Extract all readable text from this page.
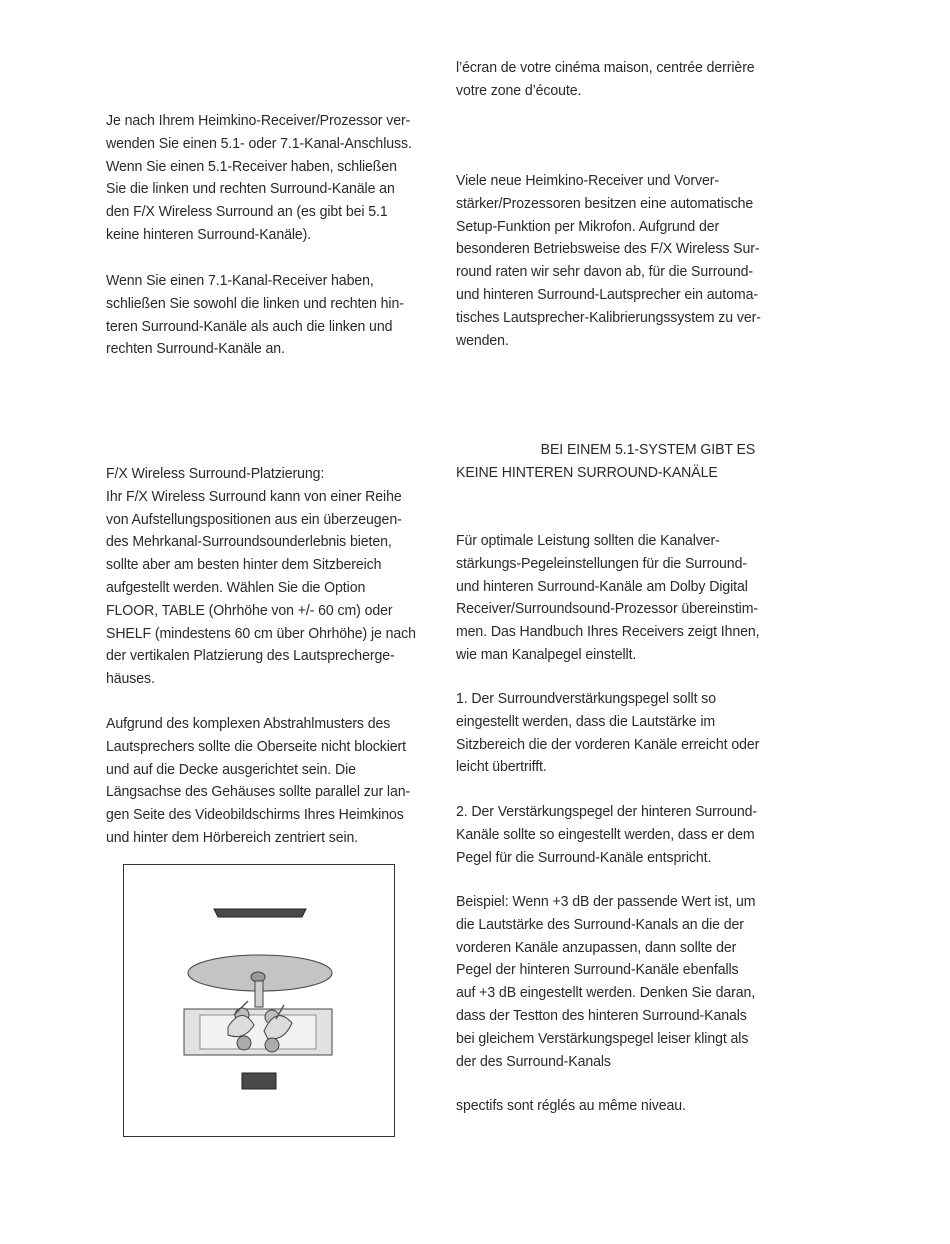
Je nach Ihrem Heimkino-Receiver/Prozessor ver-
wenden Sie einen 5.1- oder 7.1-Kanal-Anschluss.
Wenn Sie einen 5.1-Receiver haben, schließen
Sie die linken und rechten Surround-Kanäle an
den F/X Wireless Surround an (es gibt bei 5.1
keine hinteren Surround-Kanäle).
Wenn Sie einen 7.1-Kanal-Receiver haben,
schließen Sie sowohl die linken und rechten hin-
teren Surround-Kanäle als auch die linken und
rechten Surround-Kanäle an.
F/X Wireless Surround-Platzierung:
Ihr F/X Wireless Surround kann von einer Reihe
von Aufstellungspositionen aus ein überzeugen-
des Mehrkanal-Surroundsounderlebnis bieten,
sollte aber am besten hinter dem Sitzbereich
aufgestellt werden. Wählen Sie die Option
FLOOR, TABLE (Ohrhöhe von +/- 60 cm) oder
SHELF (mindestens 60 cm über Ohrhöhe) je nach
der vertikalen Platzierung des Lautsprecherge-
häuses.
Aufgrund des komplexen Abstrahlmusters des
Lautsprechers sollte die Oberseite nicht blockiert
und auf die Decke ausgerichtet sein. Die
Längsachse des Gehäuses sollte parallel zur lan-
gen Seite des Videobildschirms Ihres Heimkinos
und hinter dem Hörbereich zentriert sein.
l’écran de votre cinéma maison, centrée derrière
votre zone d’écoute.
Viele neue Heimkino-Receiver und Vorver-
stärker/Prozessoren besitzen eine automatische
Setup-Funktion per Mikrofon. Aufgrund der
besonderen Betriebsweise des F/X Wireless Sur-
round raten wir sehr davon ab, für die Surround-
und hinteren Surround-Lautsprecher ein automa-
tisches Lautsprecher-Kalibrierungssystem zu ver-
wenden.
BEI EINEM 5.1-SYSTEM GIBT ES
KEINE HINTEREN SURROUND-KANÄLE
Für optimale Leistung sollten die Kanalver-
stärkungs-Pegeleinstellungen für die Surround-
und hinteren Surround-Kanäle am Dolby Digital
Receiver/Surroundsound-Prozessor übereinstim-
men. Das Handbuch Ihres Receivers zeigt Ihnen,
wie man Kanalpegel einstellt.
1. Der Surroundverstärkungspegel sollt so
eingestellt werden, dass die Lautstärke im
Sitzbereich die der vorderen Kanäle erreicht oder
leicht übertrifft.
2. Der Verstärkungspegel der hinteren Surround-
Kanäle sollte so eingestellt werden, dass er dem
Pegel für die Surround-Kanäle entspricht.
Beispiel: Wenn +3 dB der passende Wert ist, um
die Lautstärke des Surround-Kanals an die der
vorderen Kanäle anzupassen, dann sollte der
Pegel der hinteren Surround-Kanäle ebenfalls
auf +3 dB eingestellt werden. Denken Sie daran,
dass der Testton des hinteren Surround-Kanals
bei gleichem Verstärkungspegel leiser klingt als
der des Surround-Kanals
spectifs sont réglés au même niveau.
